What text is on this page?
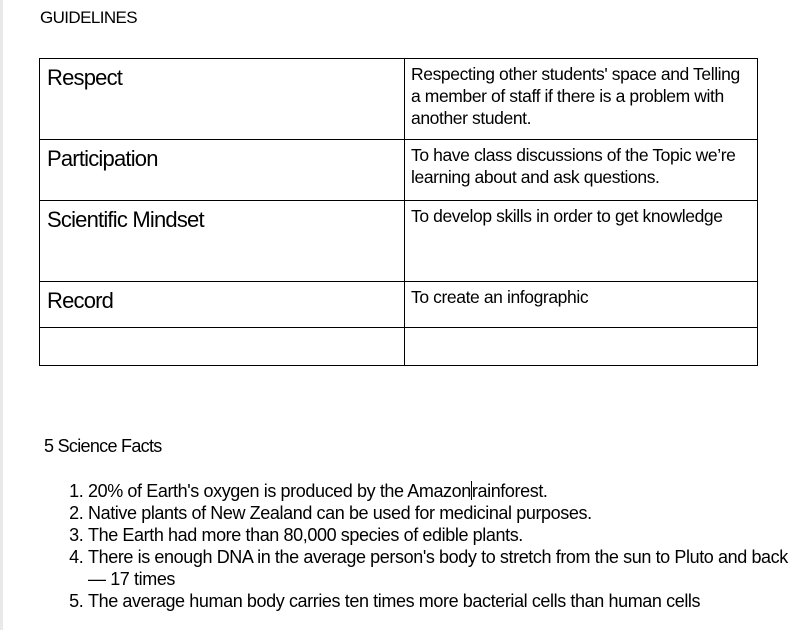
GUIDELINES
Respect	Respecting other students' space and Telling a member of staff if there is a problem with another student.
Participation	To have class discussions of the Topic we’re learning about and ask questions.
Scientific Mindset	To develop skills in order to get knowledge
Record	To create an infographic

5 Science Facts
1. 20% of Earth's oxygen is produced by the Amazonrainforest.
2. Native plants of New Zealand can be used for medicinal purposes.
3. The Earth had more than 80,000 species of edible plants.
4. There is enough DNA in the average person's body to stretch from the sun to Pluto and back — 17 times
5. The average human body carries ten times more bacterial cells than human cells
